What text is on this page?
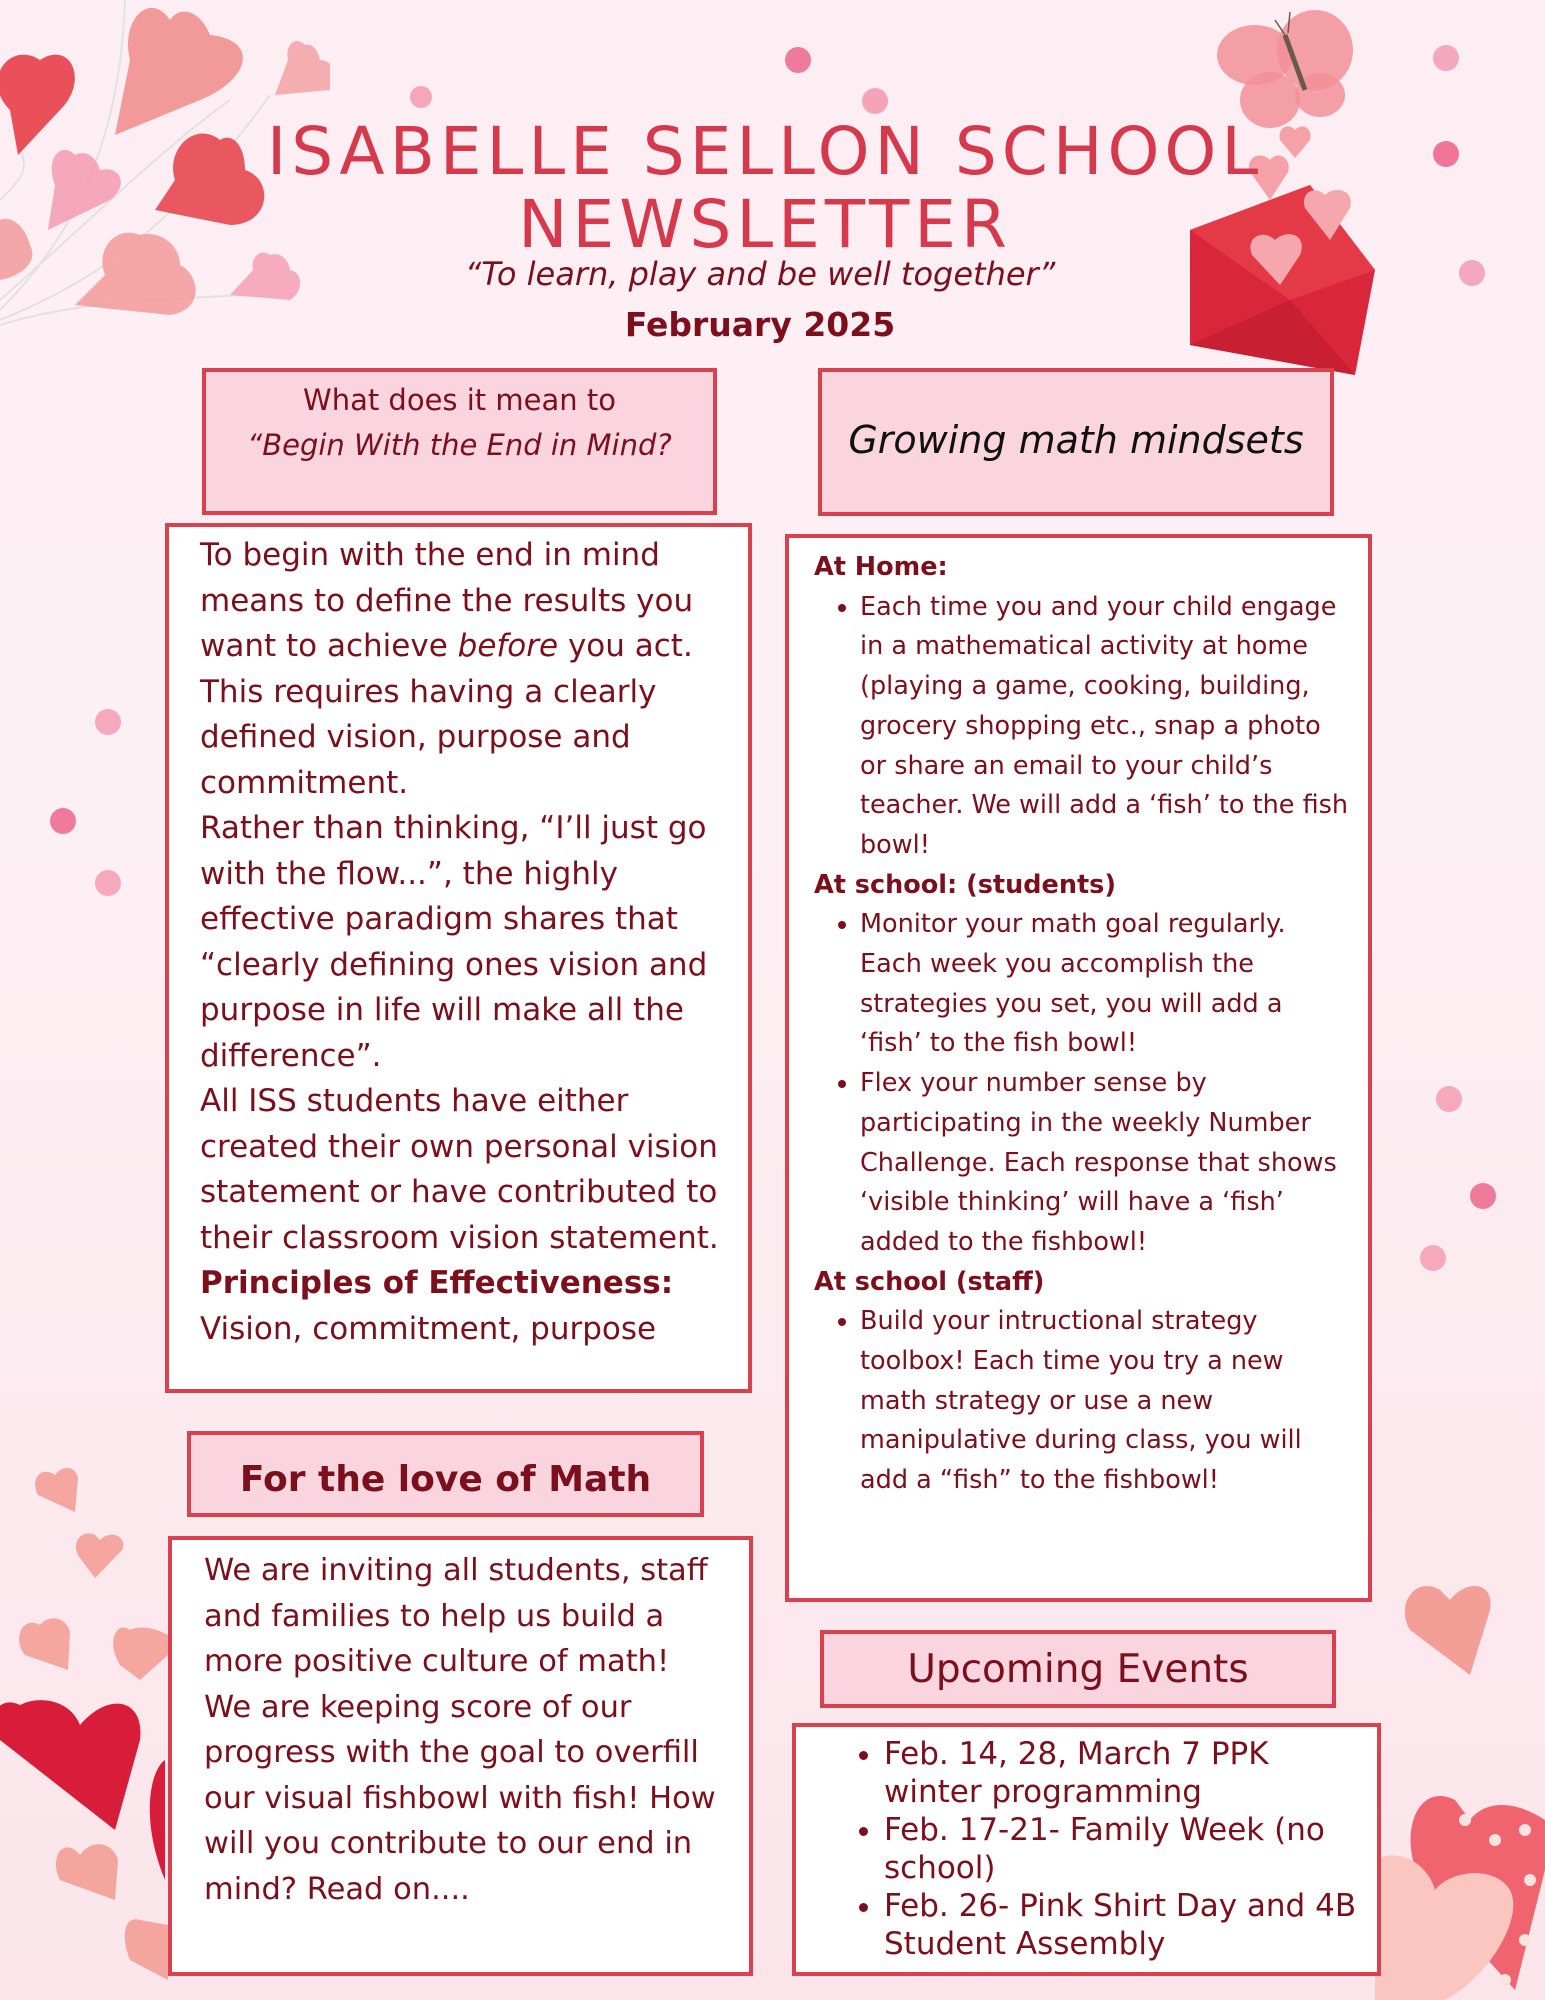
ISABELLE SELLON SCHOOL
NEWSLETTER
“To learn, play and be well together”
February 2025
What does it mean to
“Begin With the End in Mind?

To begin with the end in mind means to define the results you want to achieve before you act. This requires having a clearly defined vision, purpose and commitment.

Rather than thinking, “I’ll just go with the flow...”, the highly effective paradigm shares that “clearly defining ones vision and purpose in life will make all the difference”.

All ISS students have either created their own personal vision statement or have contributed to their classroom vision statement.

Principles of Effectiveness:

Vision, commitment, purpose

For the love of Math

We are inviting all students, staff and families to help us build a more positive culture of math!

We are keeping score of our progress with the goal to overfill our visual fishbowl with fish! How will you contribute to our end in mind? Read on....

Growing math mindsets
At Home:
• Each time you and your child engage in a mathematical activity at home (playing a game, cooking, building, grocery shopping etc., snap a photo or share an email to your child’s teacher. We will add a ‘fish’ to the fish bowl!
At school: (students)
• Monitor your math goal regularly. Each week you accomplish the strategies you set, you will add a ‘fish’ to the fish bowl!
• Flex your number sense by participating in the weekly Number Challenge. Each response that shows ‘visible thinking’ will have a ‘fish’ added to the fishbowl!
At school (staff)
• Build your intructional strategy toolbox! Each time you try a new math strategy or use a new manipulative during class, you will add a “fish” to the fishbowl!
Upcoming Events
• Feb. 14, 28, March 7 PPK winter programming
• Feb. 17-21- Family Week (no school)
• Feb. 26- Pink Shirt Day and 4B Student Assembly
